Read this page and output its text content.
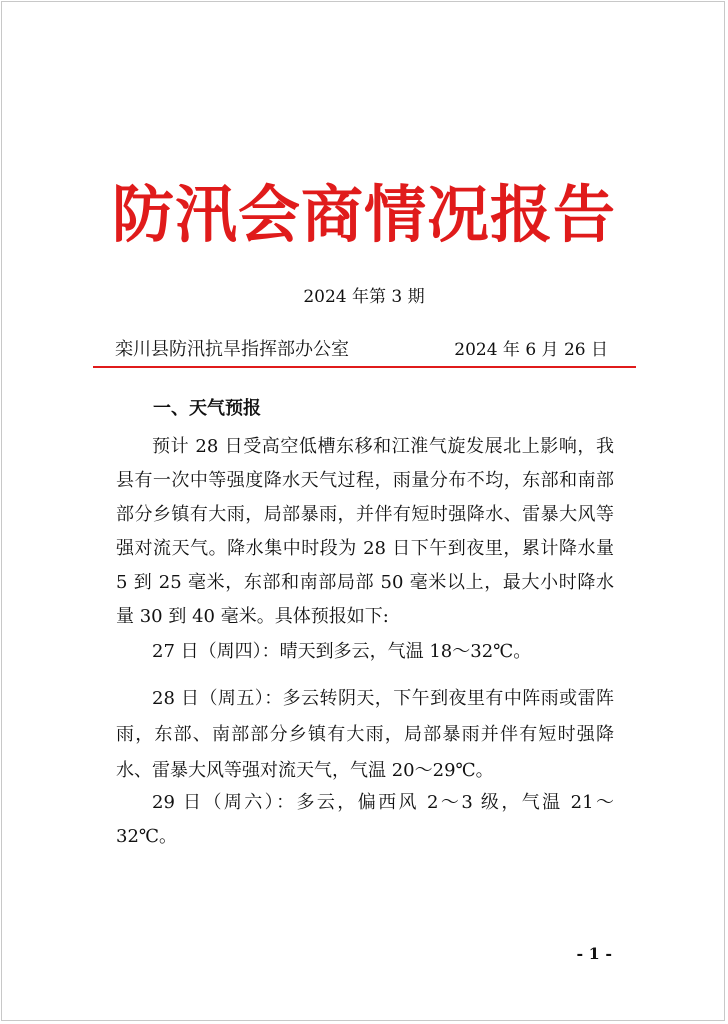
防汛会商情况报告
2024 年第 3 期
栾川县防汛抗旱指挥部办公室	2024 年 6 月 26 日
一、天气预报
预计 28 日受高空低槽东移和江淮气旋发展北上影响，我县有一次中等强度降水天气过程，雨量分布不均，东部和南部部分乡镇有大雨，局部暴雨，并伴有短时强降水、雷暴大风等强对流天气。降水集中时段为 28 日下午到夜里，累计降水量 5 到 25 毫米，东部和南部局部 50 毫米以上，最大小时降水量 30 到 40 毫米。具体预报如下:
27 日（周四）：晴天到多云，气温 18～32℃。
28 日（周五）：多云转阴天，下午到夜里有中阵雨或雷阵雨，东部、南部部分乡镇有大雨，局部暴雨并伴有短时强降水、雷暴大风等强对流天气，气温 20～29℃。
29 日（周六）：多云，偏西风 2～3 级，气温 21～32℃。
- 1 -
